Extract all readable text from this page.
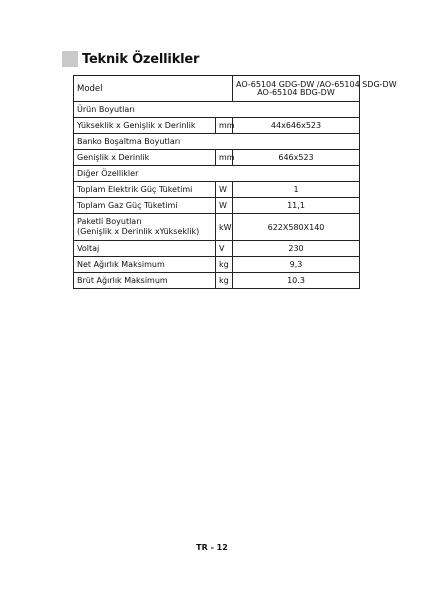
Teknik Özellikler
Model		AO-65104 GDG-DW /AO-65104 SDG-DW
AO-65104 BDG-DW
Ürün Boyutları		
Yükseklik x Genişlik x Derinlik	mm	44x646x523
Banko Boşaltma Boyutları		
Genişlik x Derinlik	mm	646x523
Diğer Özellikler		
Toplam Elektrik Güç Tüketimi	W	1
Toplam Gaz Güç Tüketimi	W	11,1
Paketli Boyutları
(Genişlik x Derinlik xYükseklik)	kW	622X580X140
Voltaj	V	230
Net Ağırlık Maksimum	kg	9,3
Brüt Ağırlık Maksimum	kg	10.3
TR - 12
